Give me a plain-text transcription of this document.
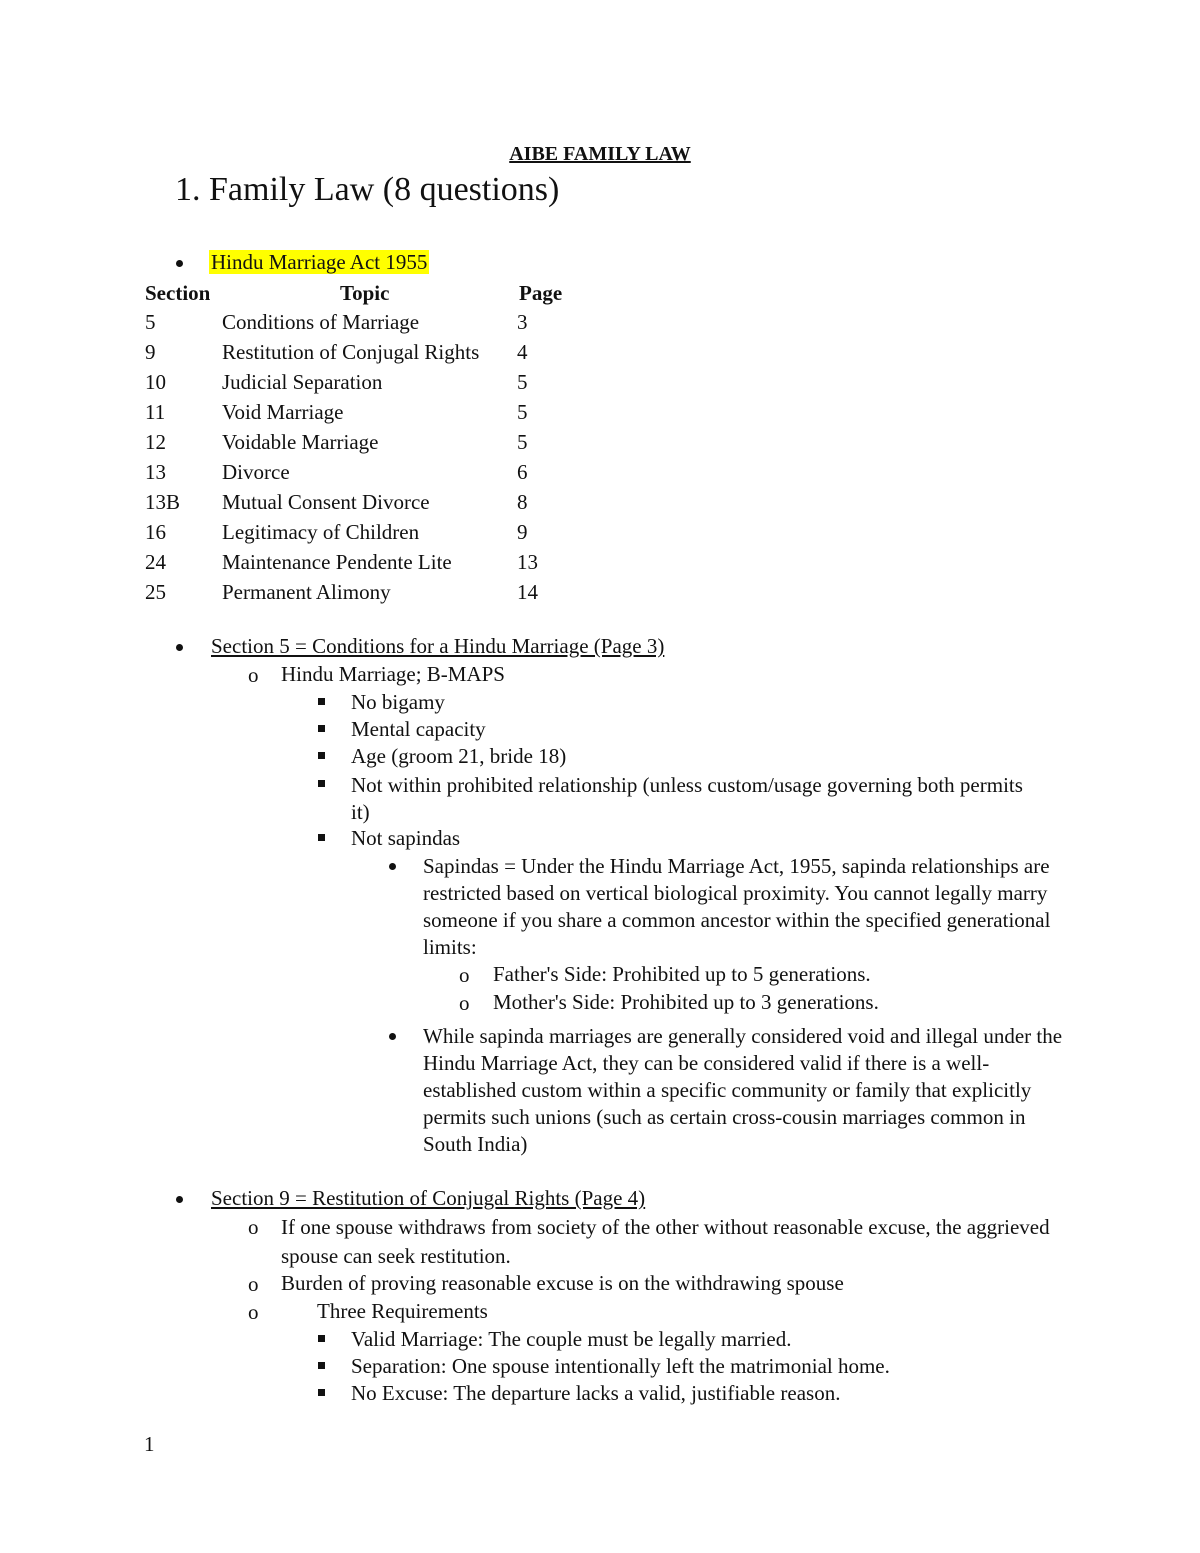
AIBE FAMILY LAW
1. Family Law (8 questions)
Hindu Marriage Act 1955
Section	Topic	Page
5	Conditions of Marriage	3
9	Restitution of Conjugal Rights 4
10	Judicial Separation	5
11	Void Marriage	5
12	Voidable Marriage	5
13	Divorce	6
13B Mutual Consent Divorce	8
16	Legitimacy of Children	9
24	Maintenance Pendente Lite	13
25	Permanent Alimony	14
Section 5 = Conditions for a Hindu Marriage (Page 3)
o Hindu Marriage; B-MAPS
No bigamy
Mental capacity
Age (groom 21, bride 18)
Not within prohibited relationship (unless custom/usage governing both permits it)
Not sapindas
Sapindas = Under the Hindu Marriage Act, 1955, sapinda relationships are restricted based on vertical biological proximity. You cannot legally marry someone if you share a common ancestor within the specified generational limits:
o Father's Side: Prohibited up to 5 generations.
o Mother's Side: Prohibited up to 3 generations.
While sapinda marriages are generally considered void and illegal under the Hindu Marriage Act, they can be considered valid if there is a well-established custom within a specific community or family that explicitly permits such unions (such as certain cross-cousin marriages common in South India)
Section 9 = Restitution of Conjugal Rights (Page 4)
o If one spouse withdraws from society of the other without reasonable excuse, the aggrieved spouse can seek restitution.
o Burden of proving reasonable excuse is on the withdrawing spouse
o	Three Requirements
Valid Marriage: The couple must be legally married.
Separation: One spouse intentionally left the matrimonial home.
No Excuse: The departure lacks a valid, justifiable reason.
1
